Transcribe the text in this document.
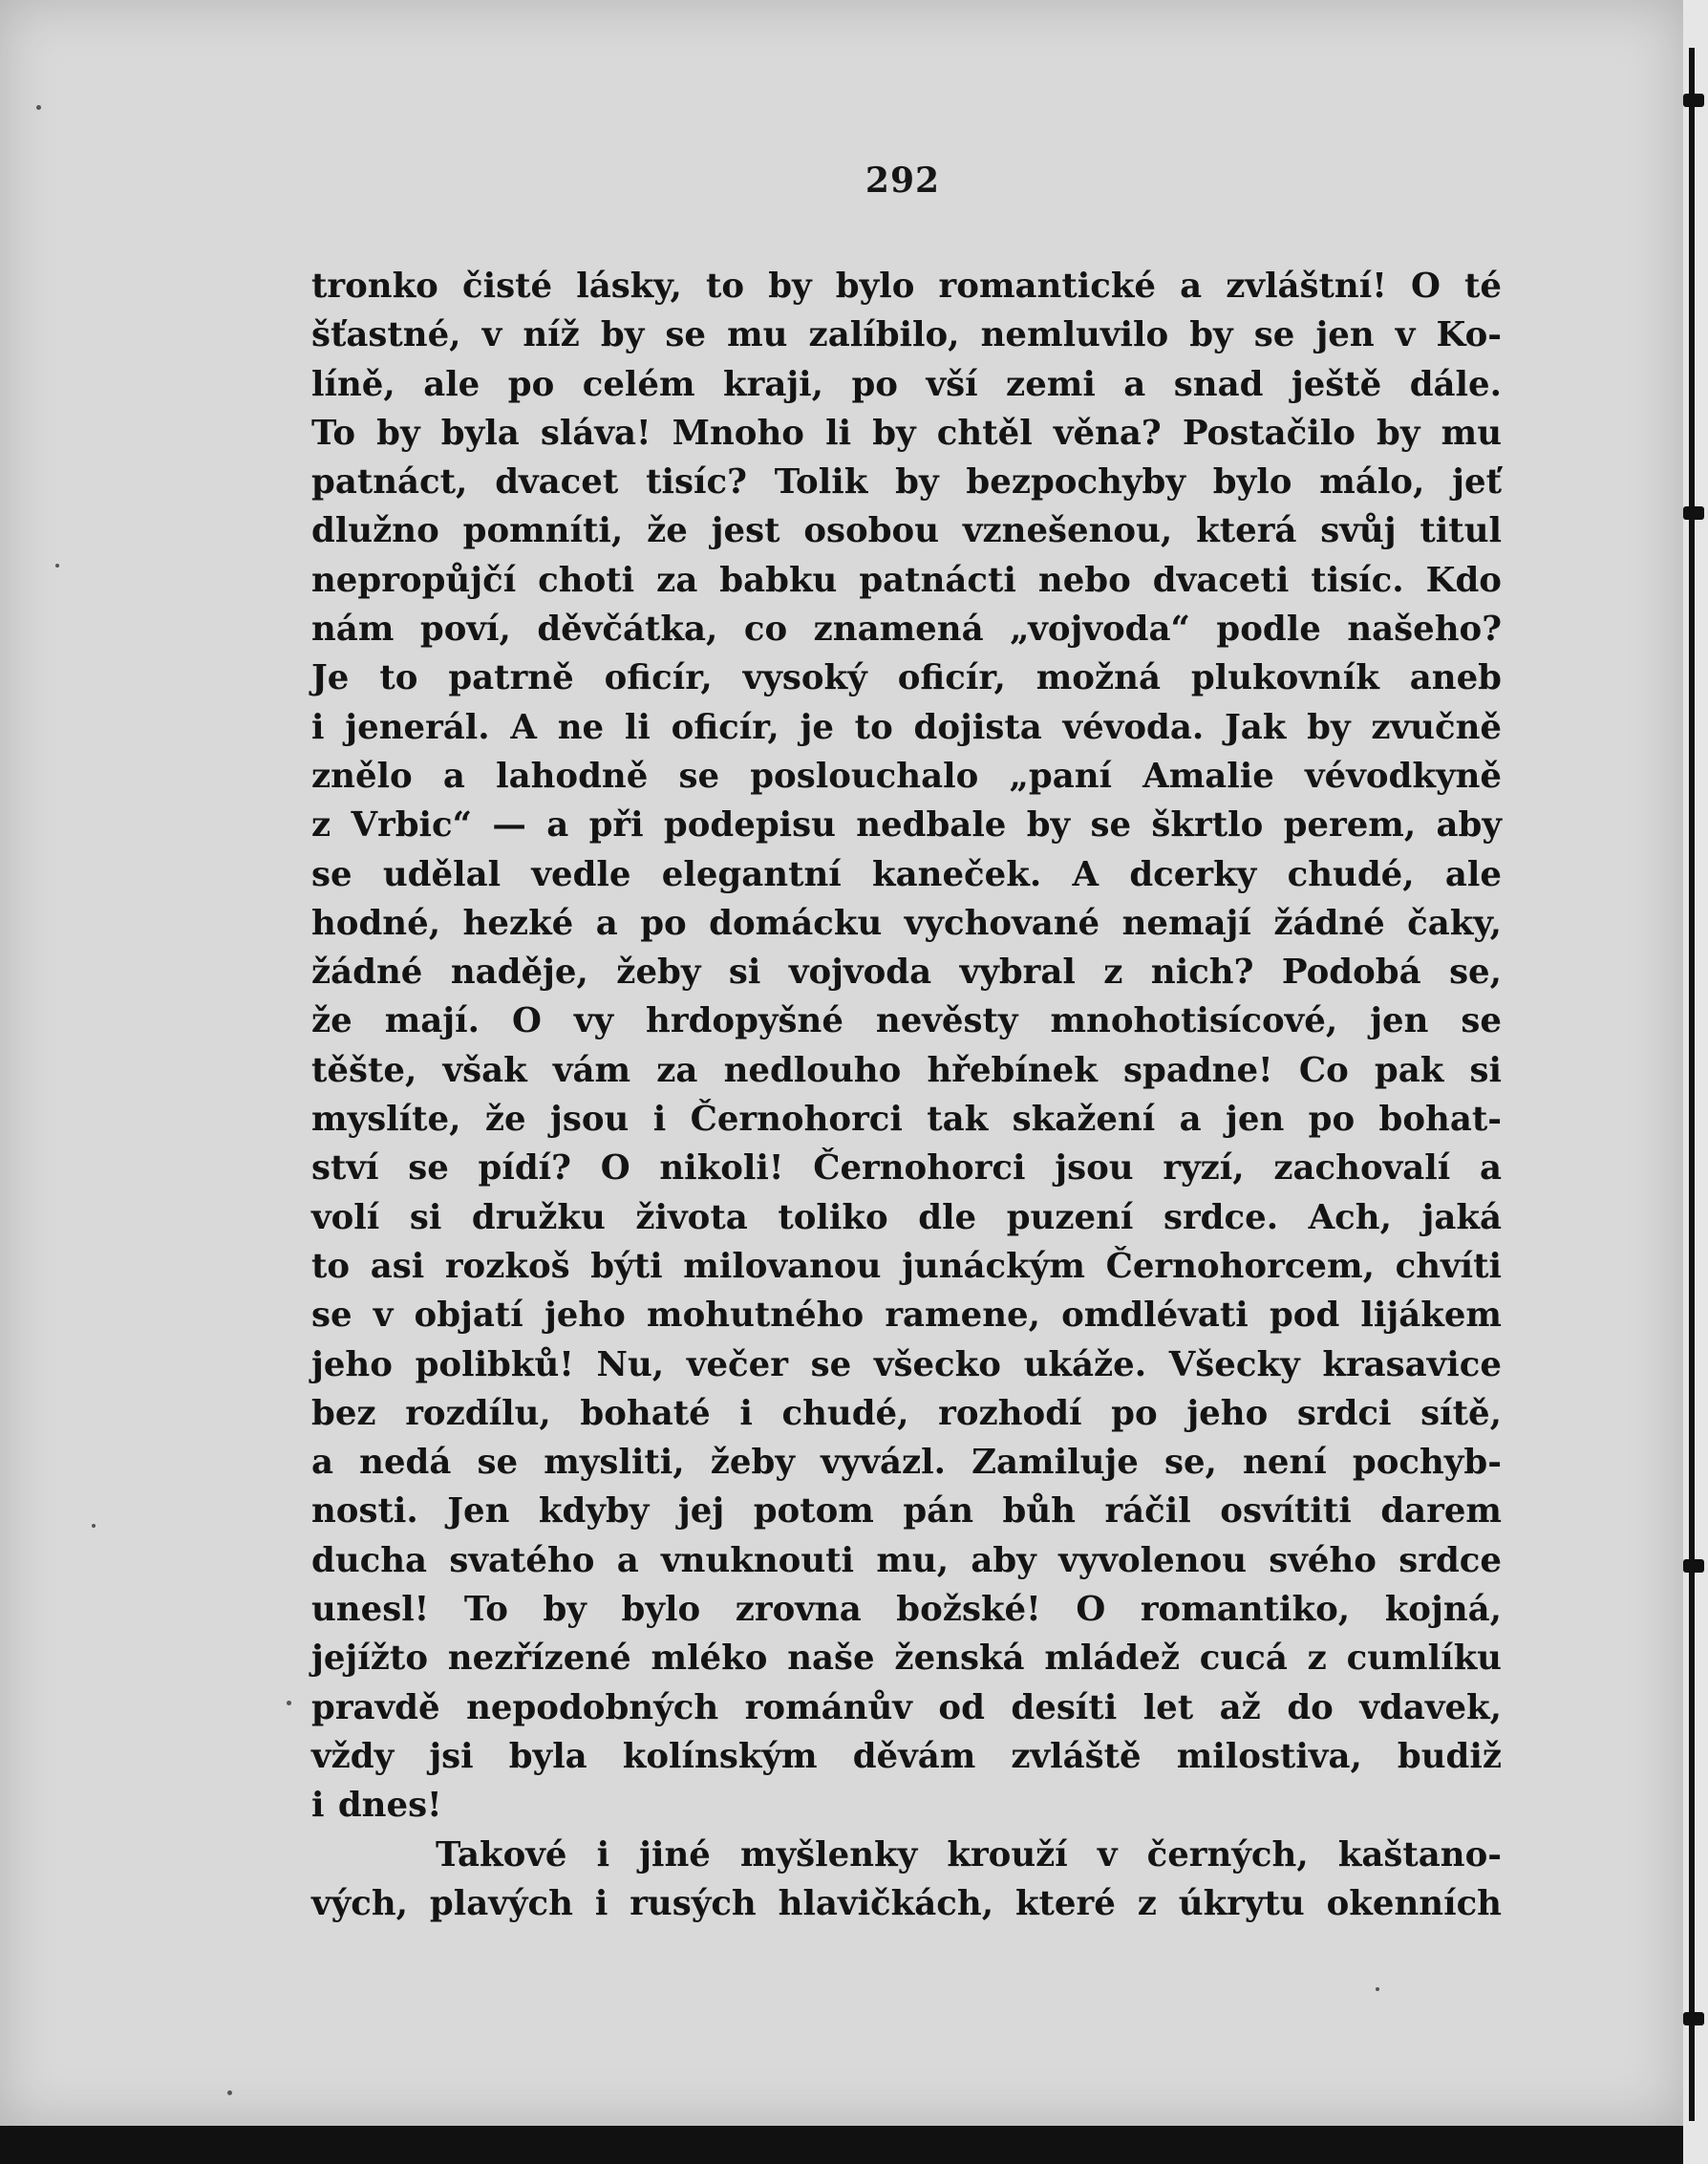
292
tronko čisté lásky, to by bylo romantické a zvláštní! O té
šťastné, v níž by se mu zalíbilo, nemluvilo by se jen v Ko-
líně, ale po celém kraji, po vší zemi a snad ještě dále.
To by byla sláva! Mnoho li by chtěl věna? Postačilo by mu
patnáct, dvacet tisíc? Tolik by bezpochyby bylo málo, jeť
dlužno pomníti, že jest osobou vznešenou, která svůj titul
nepropůjčí choti za babku patnácti nebo dvaceti tisíc. Kdo
nám poví, děvčátka, co znamená „vojvoda“ podle našeho?
Je to patrně oficír, vysoký oficír, možná plukovník aneb
i jenerál. A ne li oficír, je to dojista vévoda. Jak by zvučně
znělo a lahodně se poslouchalo „paní Amalie vévodkyně
z Vrbic“ — a při podepisu nedbale by se škrtlo perem, aby
se udělal vedle elegantní kaneček. A dcerky chudé, ale
hodné, hezké a po domácku vychované nemají žádné čaky,
žádné naděje, žeby si vojvoda vybral z nich? Podobá se,
že mají. O vy hrdopyšné nevěsty mnohotisícové, jen se
těšte, však vám za nedlouho hřebínek spadne! Co pak si
myslíte, že jsou i Černohorci tak skažení a jen po bohat-
ství se pídí? O nikoli! Černohorci jsou ryzí, zachovalí a
volí si družku života toliko dle puzení srdce. Ach, jaká
to asi rozkoš býti milovanou junáckým Černohorcem, chvíti
se v objatí jeho mohutného ramene, omdlévati pod lijákem
jeho polibků! Nu, večer se všecko ukáže. Všecky krasavice
bez rozdílu, bohaté i chudé, rozhodí po jeho srdci sítě,
a nedá se mysliti, žeby vyvázl. Zamiluje se, není pochyb-
nosti. Jen kdyby jej potom pán bůh ráčil osvítiti darem
ducha svatého a vnuknouti mu, aby vyvolenou svého srdce
unesl! To by bylo zrovna božské! O romantiko, kojná,
jejížto nezřízené mléko naše ženská mládež cucá z cumlíku
pravdě nepodobných románův od desíti let až do vdavek,
vždy jsi byla kolínským děvám zvláště milostiva, budiž
i dnes!
Takové i jiné myšlenky krouží v černých, kaštano-
vých, plavých i rusých hlavičkách, které z úkrytu okenních
